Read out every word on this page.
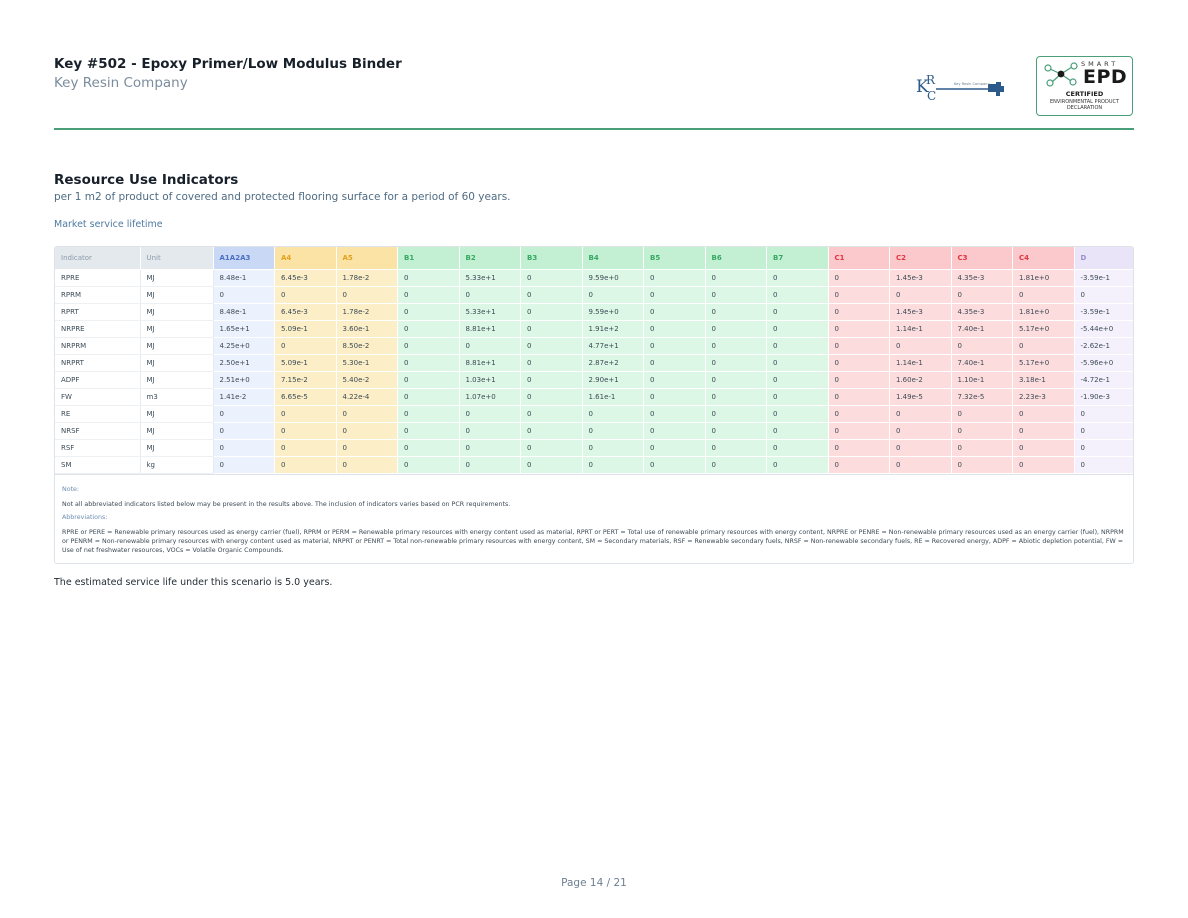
Key #502 - Epoxy Primer/Low Modulus Binder
Key Resin Company	K
R
C
Key Resin Company
SMART
EPD
CERTIFIED
ENVIRONMENTAL PRODUCT
DECLARATION
Resource Use Indicators
per 1 m2 of product of covered and protected flooring surface for a period of 60 years.
Market service lifetime
Indicator	Unit	A1A2A3	A4	A5	B1	B2	B3	B4	B5	B6	B7	C1	C2	C3	C4	D
RPRE	MJ	8.48e-1	6.45e-3	1.78e-2	0	5.33e+1	0	9.59e+0	0	0	0	0	1.45e-3	4.35e-3	1.81e+0	-3.59e-1
RPRM	MJ	0	0	0	0	0	0	0	0	0	0	0	0	0	0	0
RPRT	MJ	8.48e-1	6.45e-3	1.78e-2	0	5.33e+1	0	9.59e+0	0	0	0	0	1.45e-3	4.35e-3	1.81e+0	-3.59e-1
NRPRE	MJ	1.65e+1	5.09e-1	3.60e-1	0	8.81e+1	0	1.91e+2	0	0	0	0	1.14e-1	7.40e-1	5.17e+0	-5.44e+0
NRPRM	MJ	4.25e+0	0	8.50e-2	0	0	0	4.77e+1	0	0	0	0	0	0	0	-2.62e-1
NRPRT	MJ	2.50e+1	5.09e-1	5.30e-1	0	8.81e+1	0	2.87e+2	0	0	0	0	1.14e-1	7.40e-1	5.17e+0	-5.96e+0
ADPF	MJ	2.51e+0	7.15e-2	5.40e-2	0	1.03e+1	0	2.90e+1	0	0	0	0	1.60e-2	1.10e-1	3.18e-1	-4.72e-1
FW	m3	1.41e-2	6.65e-5	4.22e-4	0	1.07e+0	0	1.61e-1	0	0	0	0	1.49e-5	7.32e-5	2.23e-3	-1.90e-3
RE	MJ	0	0	0	0	0	0	0	0	0	0	0	0	0	0	0
NRSF	MJ	0	0	0	0	0	0	0	0	0	0	0	0	0	0	0
RSF	MJ	0	0	0	0	0	0	0	0	0	0	0	0	0	0	0
SM	kg	0	0	0	0	0	0	0	0	0	0	0	0	0	0	0
Note:
Not all abbreviated indicators listed below may be present in the results above. The inclusion of indicators varies based on PCR requirements.
Abbreviations:
RPRE or PERE = Renewable primary resources used as energy carrier (fuel), RPRM or PERM = Renewable primary resources with energy content used as material, RPRT or PERT = Total use of renewable primary resources with energy content, NRPRE or PENRE = Non-renewable primary resources used as an energy carrier (fuel), NRPRM or PENRM = Non-renewable primary resources with energy content used as material, NRPRT or PENRT = Total non-renewable primary resources with energy content, SM = Secondary materials, RSF = Renewable secondary fuels, NRSF = Non-renewable secondary fuels, RE = Recovered energy, ADPF = Abiotic depletion potential, FW = Use of net freshwater resources, VOCs = Volatile Organic Compounds.
The estimated service life under this scenario is 5.0 years.
Page 14 / 21
